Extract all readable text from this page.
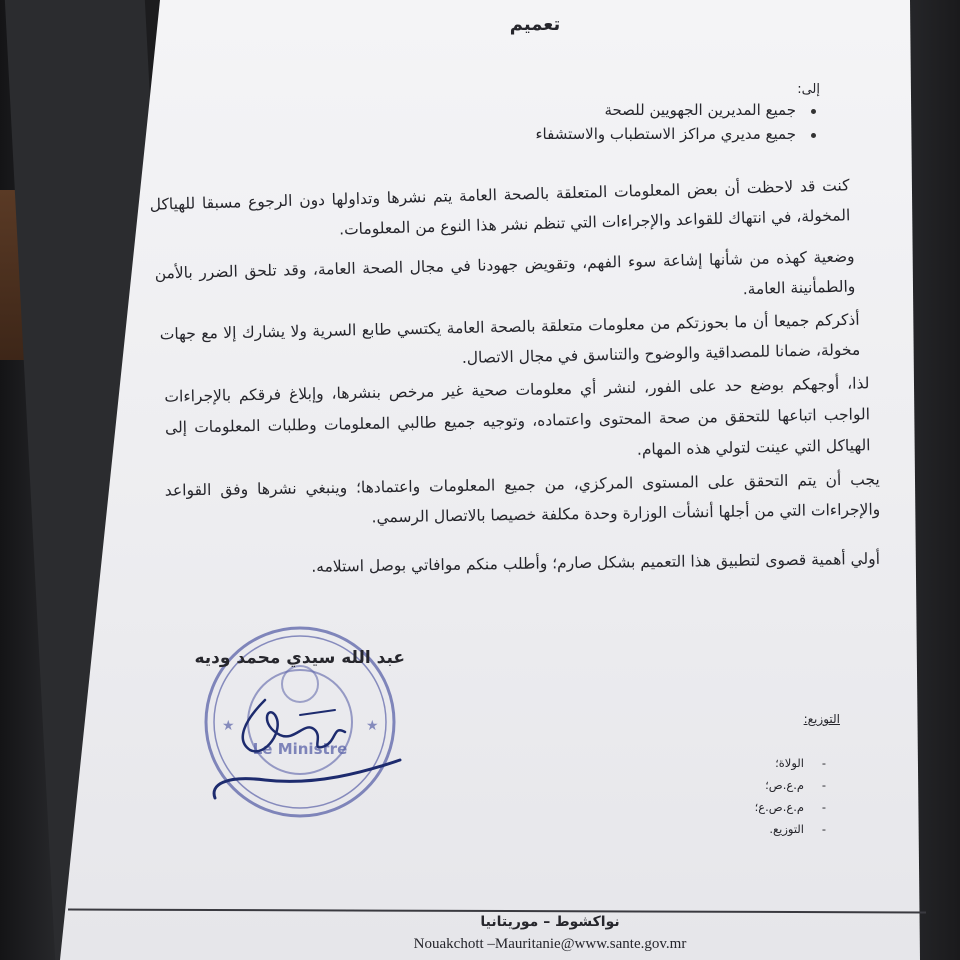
تعميم
إلى:
جميع المديرين الجهويين للصحة
جميع مديري مراكز الاستطباب والاستشفاء
كنت قد لاحظت أن بعض المعلومات المتعلقة بالصحة العامة يتم نشرها وتداولها دون الرجوع مسبقا للهياكل المخولة، في انتهاك للقواعد والإجراءات التي تنظم نشر هذا النوع من المعلومات.
وضعية كهذه من شأنها إشاعة سوء الفهم، وتقويض جهودنا في مجال الصحة العامة، وقد تلحق الضرر بالأمن والطمأنينة العامة.
أذكركم جميعا أن ما بحوزتكم من معلومات متعلقة بالصحة العامة يكتسي طابع السرية ولا يشارك إلا مع جهات مخولة، ضمانا للمصداقية والوضوح والتناسق في مجال الاتصال.
لذا، أوجهكم بوضع حد على الفور، لنشر أي معلومات صحية غير مرخص بنشرها، وإبلاغ فرقكم بالإجراءات الواجب اتباعها للتحقق من صحة المحتوى واعتماده، وتوجيه جميع طالبي المعلومات وطلبات المعلومات إلى الهياكل التي عينت لتولي هذه المهام.
يجب أن يتم التحقق على المستوى المركزي، من جميع المعلومات واعتمادها؛ وينبغي نشرها وفق القواعد والإجراءات التي من أجلها أنشأت الوزارة وحدة مكلفة خصيصا بالاتصال الرسمي.
أولي أهمية قصوى لتطبيق هذا التعميم بشكل صارم؛ وأطلب منكم موافاتي بوصل استلامه.
Le Ministre
★	★
عبد الله سيدي محمد وديه
التوزيع:
- الولاة؛
- م.ع.ص؛
- م.ع.ص.ع؛
- التوزيع.
نواكشوط – موريتانيا
Nouakchott –Mauritanie@www.sante.gov.mr
